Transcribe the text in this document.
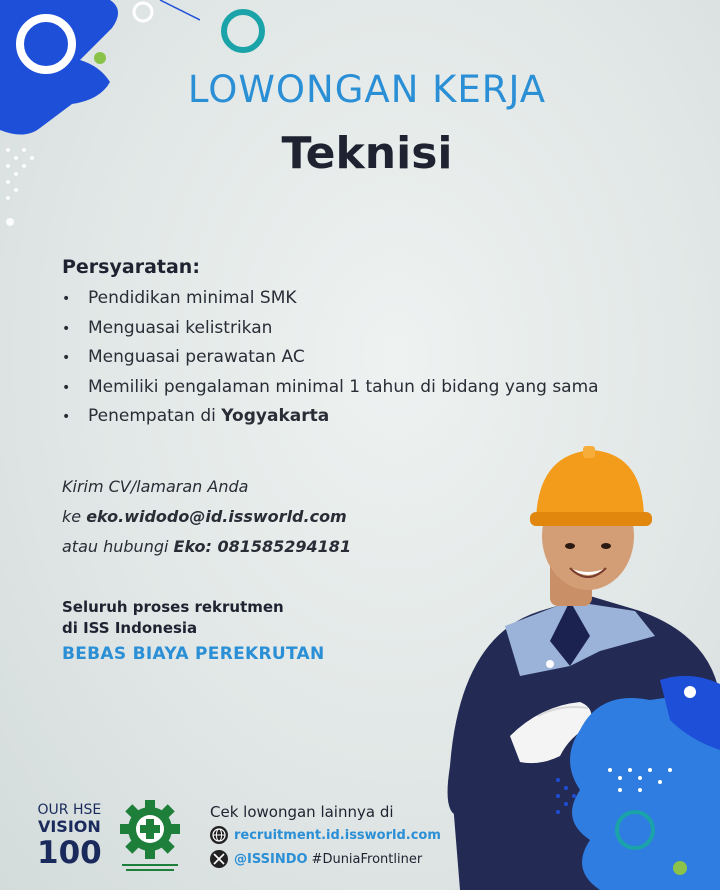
LOWONGAN KERJA
Teknisi
Persyaratan:
• Pendidikan minimal SMK
• Menguasai kelistrikan
• Menguasai perawatan AC
• Memiliki pengalaman minimal 1 tahun di bidang yang sama
• Penempatan di Yogyakarta
Kirim CV/lamaran Anda
ke eko.widodo@id.issworld.com
atau hubungi Eko: 081585294181
Seluruh proses rekrutmen
di ISS Indonesia
BEBAS BIAYA PEREKRUTAN
OUR HSE
VISION
100
Cek lowongan lainnya di
recruitment.id.issworld.com
@ISSINDO #DuniaFrontliner
